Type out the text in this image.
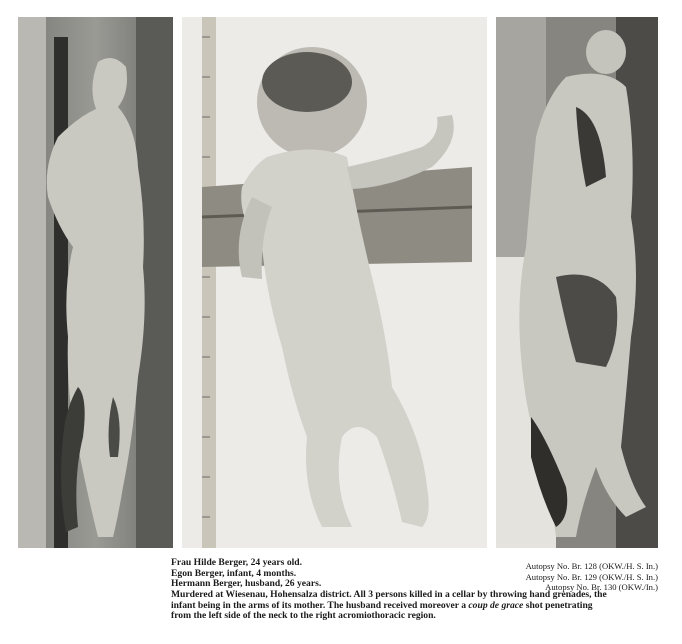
Frau Hilde Berger, 24 years old.
Egon Berger, infant, 4 months.
Hermann Berger, husband, 26 years.
Autopsy No. Br. 128 (OKW./H. S. In.)
Autopsy No. Br. 129 (OKW./H. S. In.)
Autopsy No. Br. 130 (OKW./In.)
Murdered at Wiesenau, Hohensalza district. All 3 persons killed in a cellar by throwing hand grenades, the
infant being in the arms of its mother. The husband received moreover a coup de grace shot penetrating
from the left side of the neck to the right acromiothoracic region.
